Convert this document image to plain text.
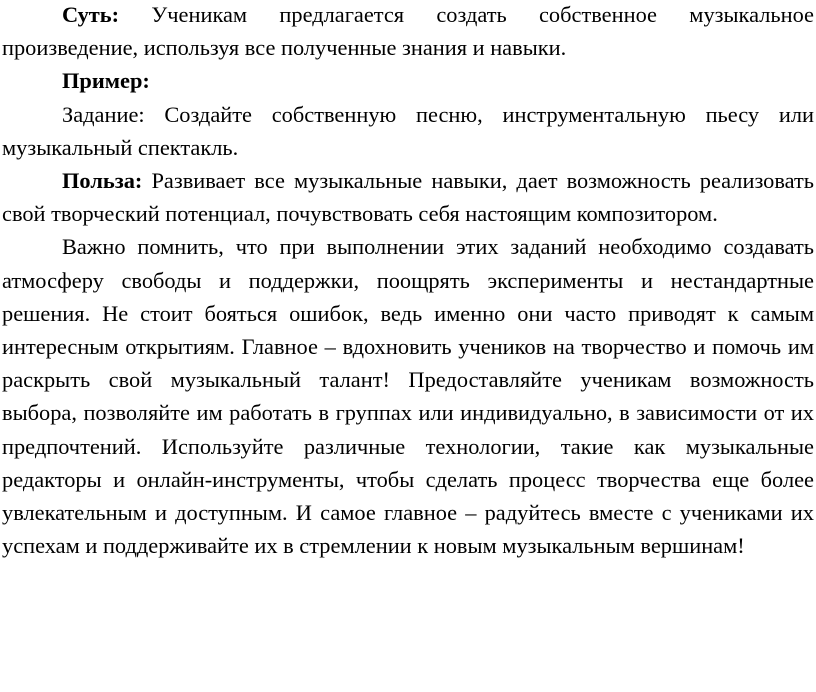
Суть: Ученикам предлагается создать собственное музыкальное произведение, используя все полученные знания и навыки.

Пример:

Задание: Создайте собственную песню, инструментальную пьесу или музыкальный спектакль.

Польза: Развивает все музыкальные навыки, дает возможность реализовать свой творческий потенциал, почувствовать себя настоящим композитором.

Важно помнить, что при выполнении этих заданий необходимо создавать атмосферу свободы и поддержки, поощрять эксперименты и нестандартные решения. Не стоит бояться ошибок, ведь именно они часто приводят к самым интересным открытиям. Главное – вдохновить учеников на творчество и помочь им раскрыть свой музыкальный талант! Предоставляйте ученикам возможность выбора, позволяйте им работать в группах или индивидуально, в зависимости от их предпочтений. Используйте различные технологии, такие как музыкальные редакторы и онлайн-инструменты, чтобы сделать процесс творчества еще более увлекательным и доступным. И самое главное – радуйтесь вместе с учениками их успехам и поддерживайте их в стремлении к новым музыкальным вершинам!
